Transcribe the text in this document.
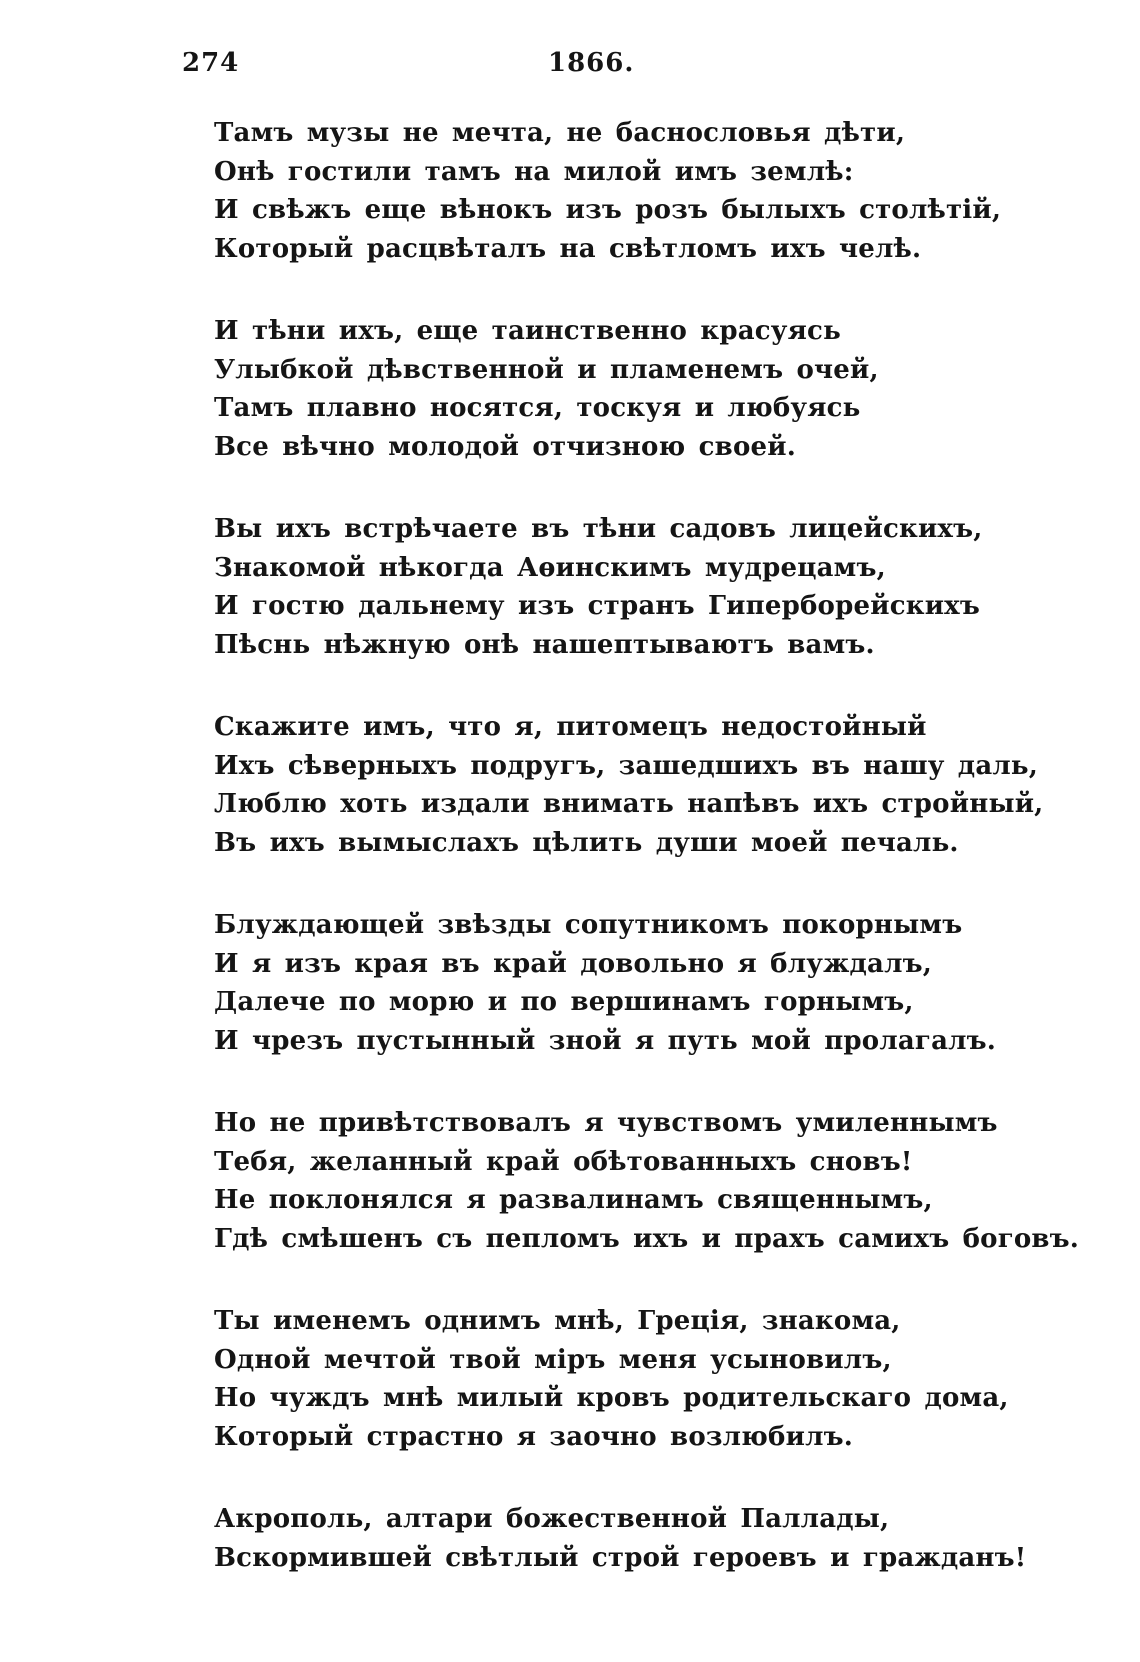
274	1866.
Тамъ музы не мечта, не баснословья дѣти,
Онѣ гостили тамъ на милой имъ землѣ:
И свѣжъ еще вѣнокъ изъ розъ былыхъ столѣтій,
Который расцвѣталъ на свѣтломъ ихъ челѣ.
И тѣни ихъ, еще таинственно красуясь
Улыбкой дѣвственной и пламенемъ очей,
Тамъ плавно носятся, тоскуя и любуясь
Все вѣчно молодой отчизною своей.
Вы ихъ встрѣчаете въ тѣни садовъ лицейскихъ,
Знакомой нѣкогда Аѳинскимъ мудрецамъ,
И гостю дальнему изъ странъ Гиперборейскихъ
Пѣснь нѣжную онѣ нашептываютъ вамъ.
Скажите имъ, что я, питомецъ недостойный
Ихъ сѣверныхъ подругъ, зашедшихъ въ нашу даль,
Люблю хоть издали внимать напѣвъ ихъ стройный,
Въ ихъ вымыслахъ цѣлить души моей печаль.
Блуждающей звѣзды сопутникомъ покорнымъ
И я изъ края въ край довольно я блуждалъ,
Далече по морю и по вершинамъ горнымъ,
И чрезъ пустынный зной я путь мой пролагалъ.
Но не привѣтствовалъ я чувствомъ умиленнымъ
Тебя, желанный край обѣтованныхъ сновъ!
Не поклонялся я развалинамъ священнымъ,
Гдѣ смѣшенъ съ пепломъ ихъ и прахъ самихъ боговъ.
Ты именемъ однимъ мнѣ, Греція, знакома,
Одной мечтой твой міръ меня усыновилъ,
Но чуждъ мнѣ милый кровъ родительскаго дома,
Который страстно я заочно возлюбилъ.
Акрополь, алтари божественной Паллады,
Вскормившей свѣтлый строй героевъ и гражданъ!
